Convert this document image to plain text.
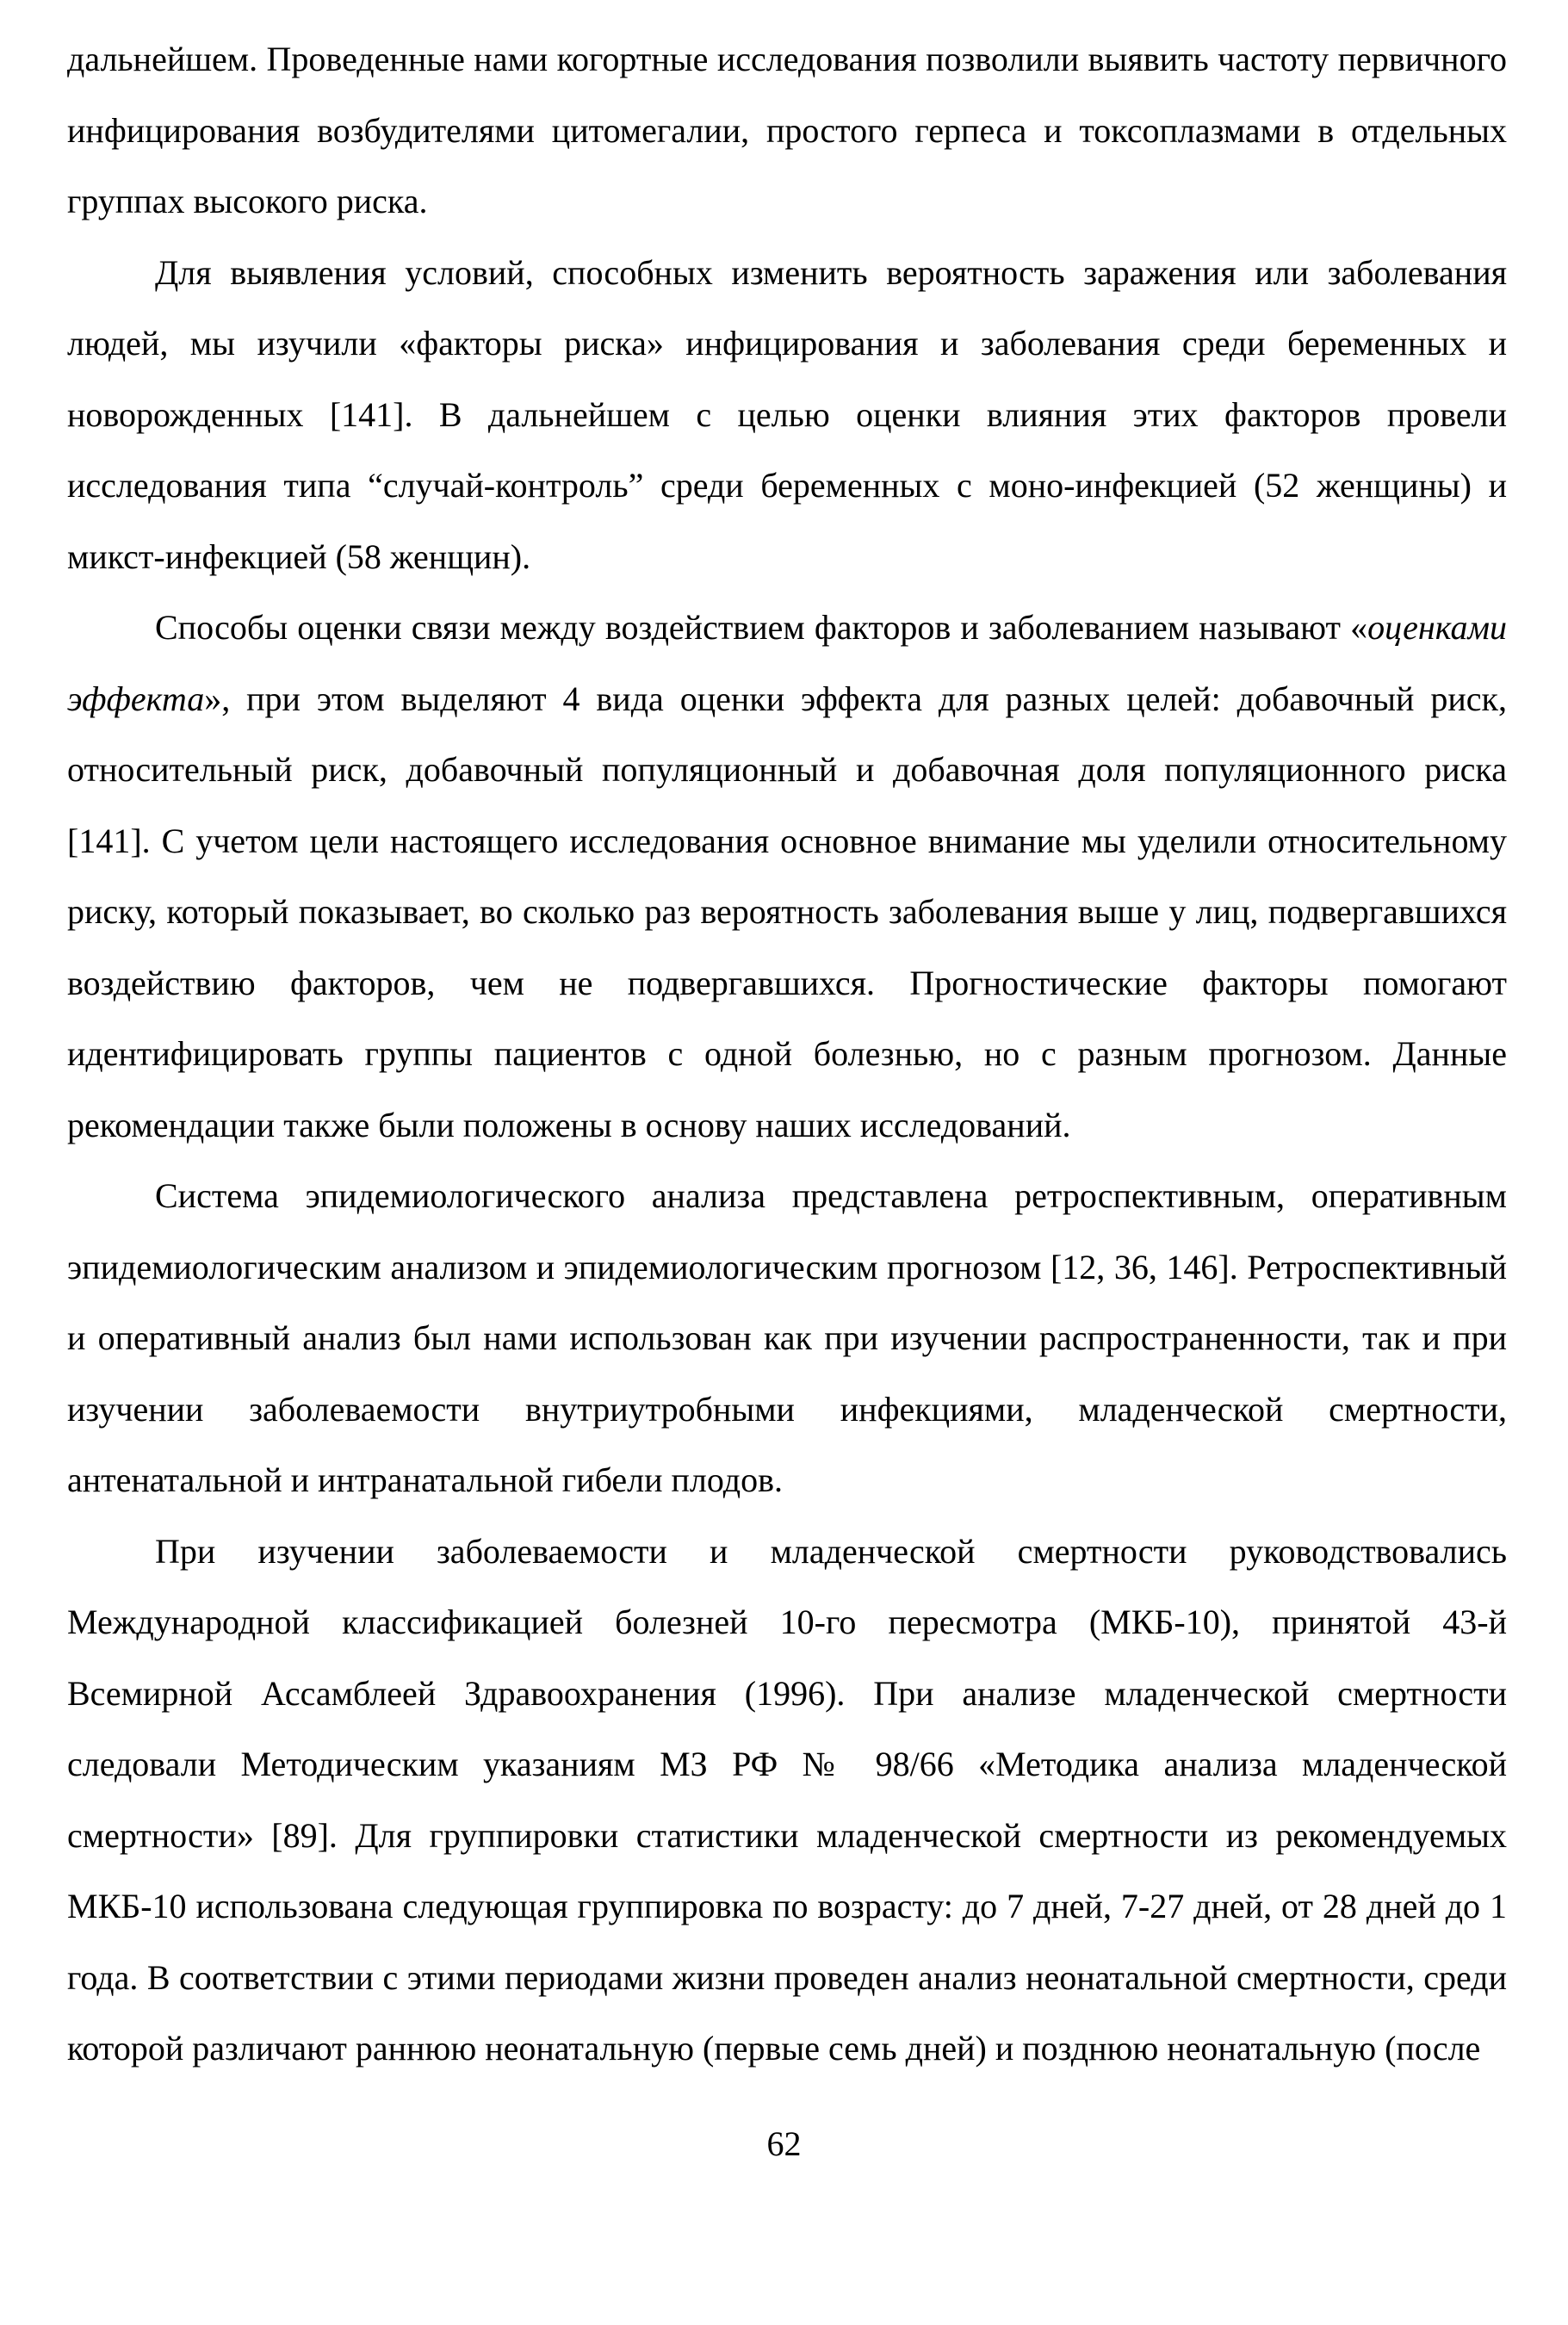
дальнейшем. Проведенные нами когортные исследования позволили выявить частоту первичного инфицирования возбудителями цитомегалии, простого герпеса и токсоплазмами в отдельных группах высокого риска.

Для выявления условий, способных изменить вероятность заражения или заболевания людей, мы изучили «факторы риска» инфицирования и заболевания среди беременных и новорожденных [141]. В дальнейшем с целью оценки влияния этих факторов провели исследования типа “случай-контроль” среди беременных с моно-инфекцией (52 женщины) и микст-инфекцией (58 женщин).

Способы оценки связи между воздействием факторов и заболеванием называют «оценками эффекта», при этом выделяют 4 вида оценки эффекта для разных целей: добавочный риск, относительный риск, добавочный популяционный и добавочная доля популяционного риска [141]. С учетом цели настоящего исследования основное внимание мы уделили относительному риску, который показывает, во сколько раз вероятность заболевания выше у лиц, подвергавшихся воздействию факторов, чем не подвергавшихся. Прогностические факторы помогают идентифицировать группы пациентов с одной болезнью, но с разным прогнозом. Данные рекомендации также были положены в основу наших исследований.

Система эпидемиологического анализа представлена ретроспективным, оперативным эпидемиологическим анализом и эпидемиологическим прогнозом [12, 36, 146]. Ретроспективный и оперативный анализ был нами использован как при изучении распространенности, так и при изучении заболеваемости внутриутробными инфекциями, младенческой смертности, антенатальной и интранатальной гибели плодов.

При изучении заболеваемости и младенческой смертности руководствовались Международной классификацией болезней 10-го пересмотра (МКБ-10), принятой 43-й Всемирной Ассамблеей Здравоохранения (1996). При анализе младенческой смертности следовали Методическим указаниям МЗ РФ № 98/66 «Методика анализа младенческой смертности» [89]. Для группировки статистики младенческой смертности из рекомендуемых МКБ-10 использована следующая группировка по возрасту: до 7 дней, 7-27 дней, от 28 дней до 1 года. В соответствии с этими периодами жизни проведен анализ неонатальной смертности, среди которой различают раннюю неонатальную (первые семь дней) и позднюю неонатальную (после

62
